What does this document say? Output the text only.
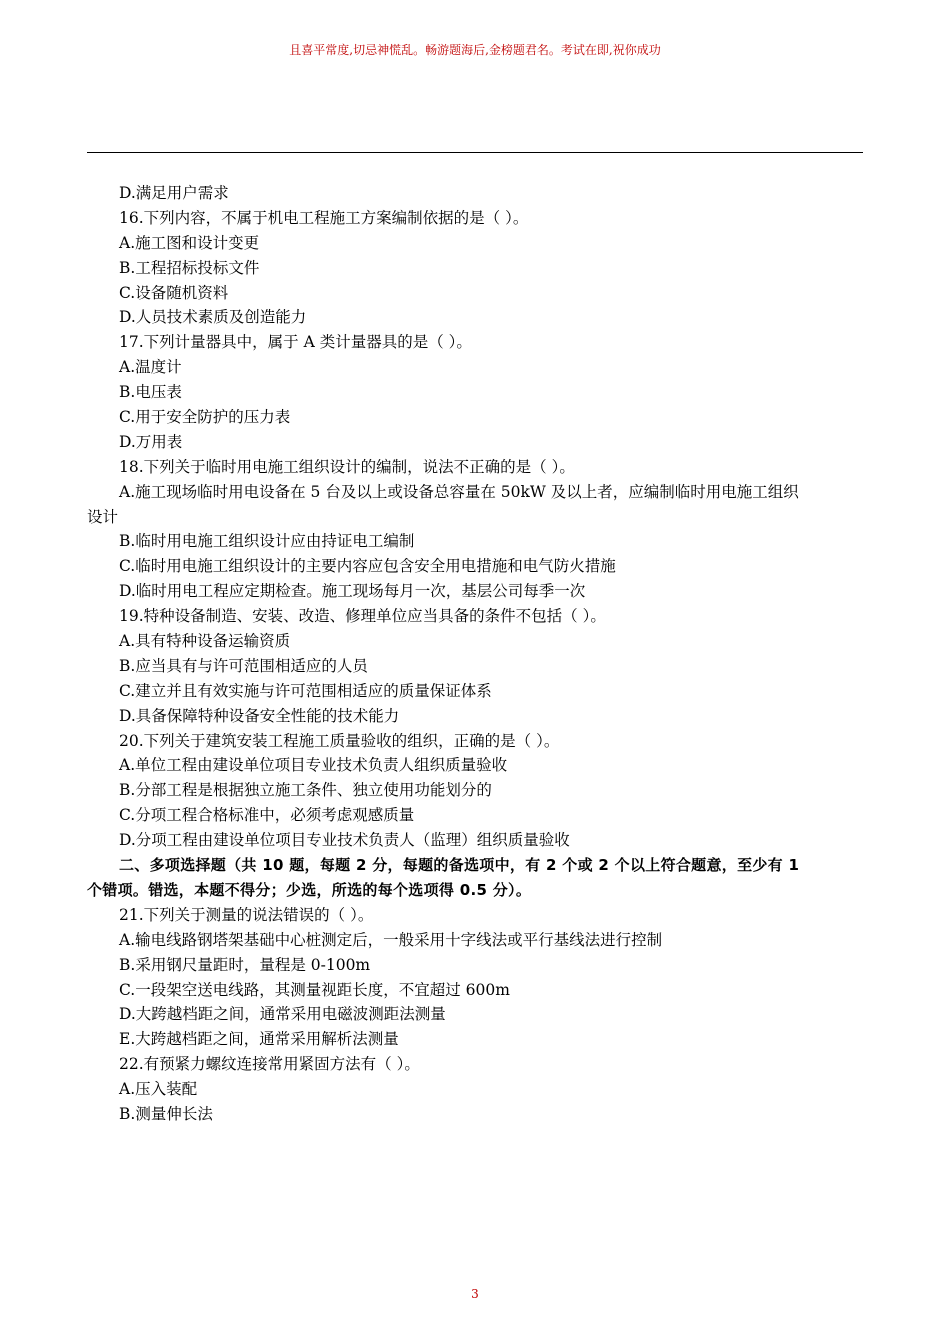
且喜平常度,切忌神慌乱。畅游题海后,金榜题君名。考试在即,祝你成功
D.满足用户需求
16.下列内容，不属于机电工程施工方案编制依据的是（ ）。
A.施工图和设计变更
B.工程招标投标文件
C.设备随机资料
D.人员技术素质及创造能力
17.下列计量器具中，属于 A 类计量器具的是（ ）。
A.温度计
B.电压表
C.用于安全防护的压力表
D.万用表
18.下列关于临时用电施工组织设计的编制，说法不正确的是（ ）。
A.施工现场临时用电设备在 5 台及以上或设备总容量在 50kW 及以上者，应编制临时用电施工组织
设计
B.临时用电施工组织设计应由持证电工编制
C.临时用电施工组织设计的主要内容应包含安全用电措施和电气防火措施
D.临时用电工程应定期检查。施工现场每月一次，基层公司每季一次
19.特种设备制造、安装、改造、修理单位应当具备的条件不包括（ ）。
A.具有特种设备运输资质
B.应当具有与许可范围相适应的人员
C.建立并且有效实施与许可范围相适应的质量保证体系
D.具备保障特种设备安全性能的技术能力
20.下列关于建筑安装工程施工质量验收的组织，正确的是（ ）。
A.单位工程由建设单位项目专业技术负责人组织质量验收
B.分部工程是根据独立施工条件、独立使用功能划分的
C.分项工程合格标准中，必须考虑观感质量
D.分项工程由建设单位项目专业技术负责人（监理）组织质量验收
二、多项选择题（共 10 题，每题 2 分，每题的备选项中，有 2 个或 2 个以上符合题意，至少有 1
个错项。错选，本题不得分；少选，所选的每个选项得 0.5 分）。
21.下列关于测量的说法错误的（ ）。
A.输电线路钢塔架基础中心桩测定后，一般采用十字线法或平行基线法进行控制
B.采用钢尺量距时，量程是 0-100m
C.一段架空送电线路，其测量视距长度，不宜超过 600m
D.大跨越档距之间，通常采用电磁波测距法测量
E.大跨越档距之间，通常采用解析法测量
22.有预紧力螺纹连接常用紧固方法有（ ）。
A.压入装配
B.测量伸长法
3
